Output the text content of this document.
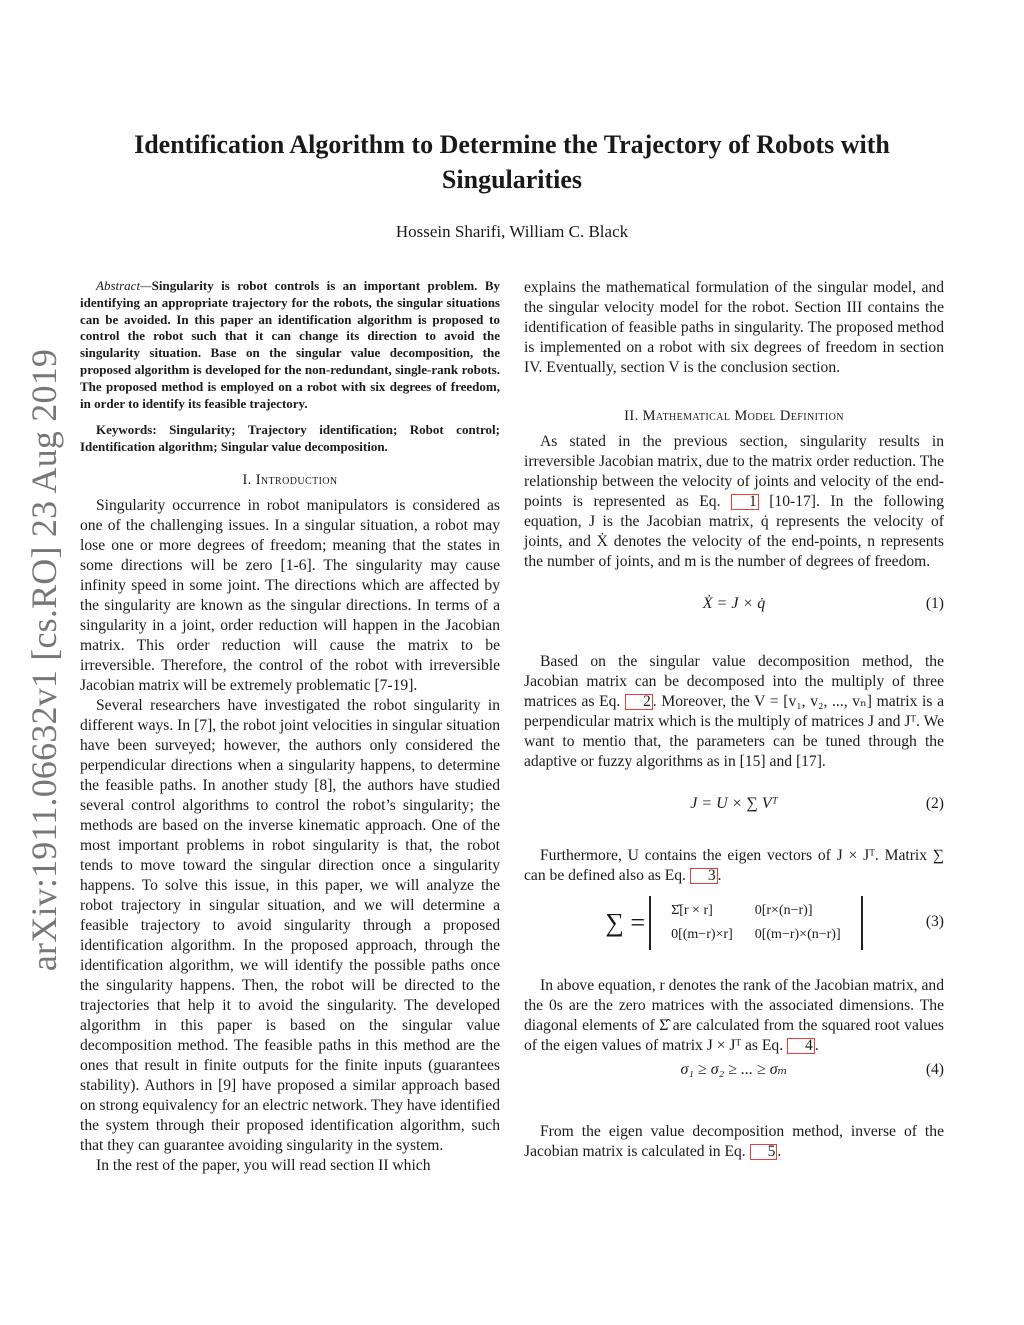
arXiv:1911.06632v1 [cs.RO] 23 Aug 2019
Identification Algorithm to Determine the Trajectory of Robots with Singularities
Hossein Sharifi, William C. Black

Abstract—Singularity is robot controls is an important problem. By identifying an appropriate trajectory for the robots, the singular situations can be avoided. In this paper an identification algorithm is proposed to control the robot such that it can change its direction to avoid the singularity situation. Base on the singular value decomposition, the proposed algorithm is developed for the non-redundant, single-rank robots. The proposed method is employed on a robot with six degrees of freedom, in order to identify its feasible trajectory.

Keywords: Singularity; Trajectory identification; Robot control; Identification algorithm; Singular value decomposition.

I. Introduction

Singularity occurrence in robot manipulators is considered as one of the challenging issues. In a singular situation, a robot may lose one or more degrees of freedom; meaning that the states in some directions will be zero [1-6]. The singularity may cause infinity speed in some joint. The directions which are affected by the singularity are known as the singular directions. In terms of a singularity in a joint, order reduction will happen in the Jacobian matrix. This order reduction will cause the matrix to be irreversible. Therefore, the control of the robot with irreversible Jacobian matrix will be extremely problematic [7-19].

Several researchers have investigated the robot singularity in different ways. In [7], the robot joint velocities in singular situation have been surveyed; however, the authors only considered the perpendicular directions when a singularity happens, to determine the feasible paths. In another study [8], the authors have studied several control algorithms to control the robot’s singularity; the methods are based on the inverse kinematic approach. One of the most important problems in robot singularity is that, the robot tends to move toward the singular direction once a singularity happens. To solve this issue, in this paper, we will analyze the robot trajectory in singular situation, and we will determine a feasible trajectory to avoid singularity through a proposed identification algorithm. In the proposed approach, through the identification algorithm, we will identify the possible paths once the singularity happens. Then, the robot will be directed to the trajectories that help it to avoid the singularity. The developed algorithm in this paper is based on the singular value decomposition method. The feasible paths in this method are the ones that result in finite outputs for the finite inputs (guarantees stability). Authors in [9] have proposed a similar approach based on strong equivalency for an electric network. They have identified the system through their proposed identification algorithm, such that they can guarantee avoiding singularity in the system.

In the rest of the paper, you will read section II which

explains the mathematical formulation of the singular model, and the singular velocity model for the robot. Section III contains the identification of feasible paths in singularity. The proposed method is implemented on a robot with six degrees of freedom in section IV. Eventually, section V is the conclusion section.

II. Mathematical Model Definition

As stated in the previous section, singularity results in irreversible Jacobian matrix, due to the matrix order reduction. The relationship between the velocity of joints and velocity of the end-points is represented as Eq. 1 [10-17]. In the following equation, J is the Jacobian matrix, q̇ represents the velocity of joints, and Ẋ denotes the velocity of the end-points, n represents the number of joints, and m is the number of degrees of freedom.

Ẋ = J × q̇	(1)

Based on the singular value decomposition method, the Jacobian matrix can be decomposed into the multiply of three matrices as Eq. 2 . Moreover, the V = [v₁, v₂, ..., vₙ] matrix is a perpendicular matrix which is the multiply of matrices J and Jᵀ. We want to mentio that, the parameters can be tuned through the adaptive or fuzzy algorithms as in [15] and [17].

J = U × ∑ Vᵀ	(2)

Furthermore, U contains the eigen vectors of J × Jᵀ. Matrix ∑ can be defined also as Eq. 3 .

∑ = Σ̂[r × r]	0[r×(n−r)]
0[(m−r)×r]	0[(m−r)×(n−r)]
(3)

In above equation, r denotes the rank of the Jacobian matrix, and the 0s are the zero matrices with the associated dimensions. The diagonal elements of Σ̂ are calculated from the squared root values of the eigen values of matrix J × Jᵀ as Eq. 4 .

σ₁ ≥ σ₂ ≥ ... ≥ σₘ	(4)

From the eigen value decomposition method, inverse of the Jacobian matrix is calculated in Eq. 5 .
